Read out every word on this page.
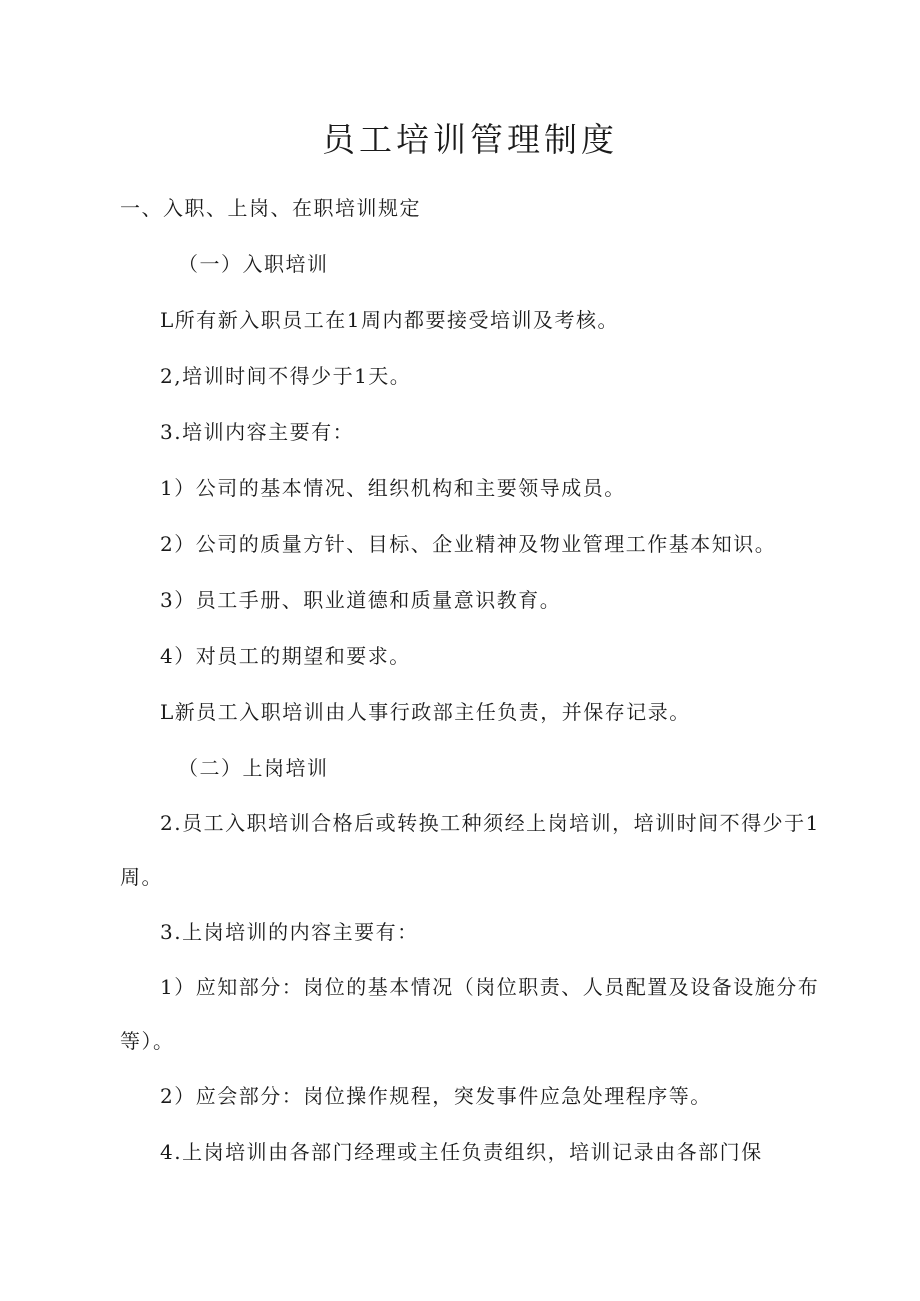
员工培训管理制度

一、入职、上岗、在职培训规定

（一）入职培训

L所有新入职员工在1周内都要接受培训及考核。

2,培训时间不得少于1天。

3.培训内容主要有：

1）公司的基本情况、组织机构和主要领导成员。

2）公司的质量方针、目标、企业精神及物业管理工作基本知识。

3）员工手册、职业道德和质量意识教育。

4）对员工的期望和要求。

L新员工入职培训由人事行政部主任负责，并保存记录。

（二）上岗培训

2.员工入职培训合格后或转换工种须经上岗培训，培训时间不得少于1周。

3.上岗培训的内容主要有：

1）应知部分：岗位的基本情况（岗位职责、人员配置及设备设施分布等）。

2）应会部分：岗位操作规程，突发事件应急处理程序等。

4.上岗培训由各部门经理或主任负责组织，培训记录由各部门保
